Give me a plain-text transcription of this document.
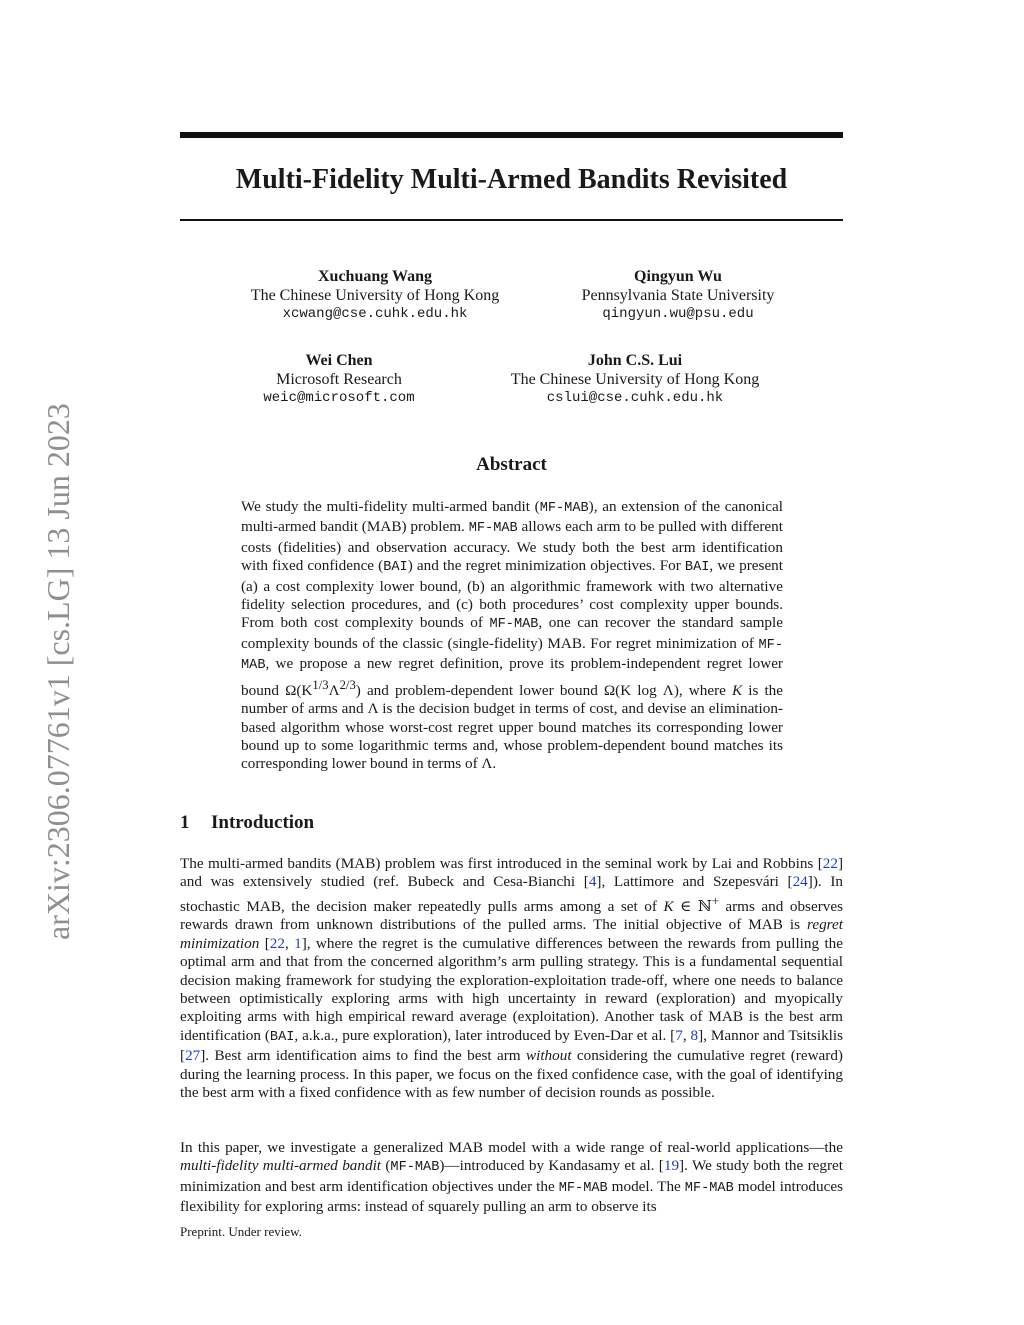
arXiv:2306.07761v1 [cs.LG] 13 Jun 2023
Multi-Fidelity Multi-Armed Bandits Revisited
Xuchuang Wang
The Chinese University of Hong Kong
xcwang@cse.cuhk.edu.hk
Qingyun Wu
Pennsylvania State University
qingyun.wu@psu.edu
Wei Chen
Microsoft Research
weic@microsoft.com
John C.S. Lui
The Chinese University of Hong Kong
cslui@cse.cuhk.edu.hk
Abstract

We study the multi-fidelity multi-armed bandit (MF-MAB), an extension of the canonical multi-armed bandit (MAB) problem. MF-MAB allows each arm to be pulled with different costs (fidelities) and observation accuracy. We study both the best arm identification with fixed confidence (BAI) and the regret minimization objectives. For BAI, we present (a) a cost complexity lower bound, (b) an algorithmic framework with two alternative fidelity selection procedures, and (c) both procedures’ cost complexity upper bounds. From both cost complexity bounds of MF-MAB, one can recover the standard sample complexity bounds of the classic (single-fidelity) MAB. For regret minimization of MF-MAB, we propose a new regret definition, prove its problem-independent regret lower bound $\Omega(K^{1/3}\Lambda^{2/3})$ and problem-dependent lower bound Ω(K log Λ), where K is the number of arms and Λ is the decision budget in terms of cost, and devise an elimination-based algorithm whose worst-cost regret upper bound matches its corresponding lower bound up to some logarithmic terms and, whose problem-dependent bound matches its corresponding lower bound in terms of Λ.

1 Introduction

The multi-armed bandits (MAB) problem was first introduced in the seminal work by Lai and Robbins [22] and was extensively studied (ref. Bubeck and Cesa-Bianchi [4], Lattimore and Szepesvári [24]). In stochastic MAB, the decision maker repeatedly pulls arms among a set of K ∈ ℕ+ arms and observes rewards drawn from unknown distributions of the pulled arms. The initial objective of MAB is regret minimization [22, 1], where the regret is the cumulative differences between the rewards from pulling the optimal arm and that from the concerned algorithm’s arm pulling strategy. This is a fundamental sequential decision making framework for studying the exploration-exploitation trade-off, where one needs to balance between optimistically exploring arms with high uncertainty in reward (exploration) and myopically exploiting arms with high empirical reward average (exploitation). Another task of MAB is the best arm identification (BAI, a.k.a., pure exploration), later introduced by Even-Dar et al. [7, 8], Mannor and Tsitsiklis [27]. Best arm identification aims to find the best arm without considering the cumulative regret (reward) during the learning process. In this paper, we focus on the fixed confidence case, with the goal of identifying the best arm with a fixed confidence with as few number of decision rounds as possible.

In this paper, we investigate a generalized MAB model with a wide range of real-world applications—the multi-fidelity multi-armed bandit (MF-MAB)—introduced by Kandasamy et al. [19]. We study both the regret minimization and best arm identification objectives under the MF-MAB model. The MF-MAB model introduces flexibility for exploring arms: instead of squarely pulling an arm to observe its

Preprint. Under review.
